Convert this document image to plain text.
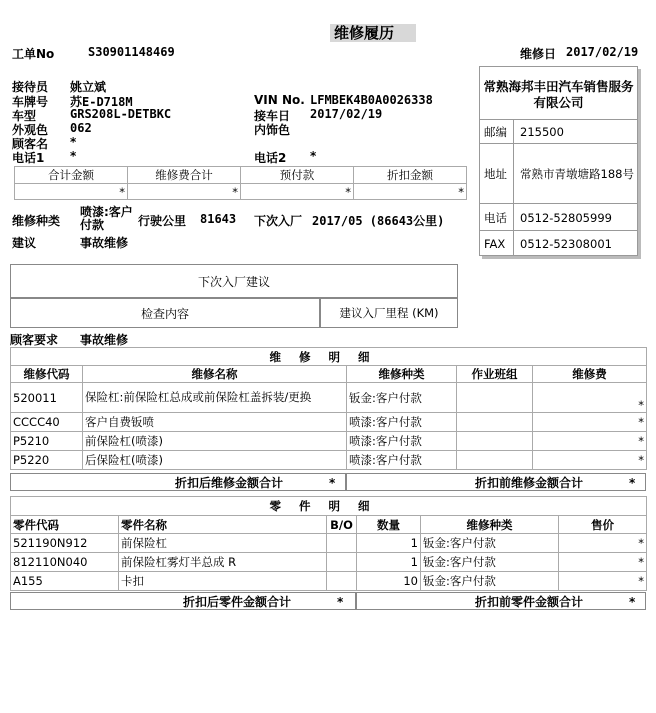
维修履历
工单No	S30901148469	维修日 2017/02/19
接待员 姚立斌
车牌号 苏E-D718M	VIN No. LFMBEK4B0A0026338
车型	GRS208L-DETBKC	接车日 2017/02/19
外观色 062	内饰色
顾客名 *
电话1 *	电话2 *
合计金额	维修费合计	预付款	折扣金额
*	*	*	*
维修种类
喷漆:客户付款	行驶公里 81643 下次入厂 2017/05 (86643公里)
建议	事故维修
常熟海邦丰田汽车销售服务有限公司
邮编	215500
地址	常熟市青墩塘路188号
电话	0512-52805999
FAX	0512-52308001
下次入厂建议
检查内容	建议入厂里程 (KM)
顾客要求 事故维修
维修明细				
维修代码	维修名称	维修种类	作业班组	维修费
520011	保险杠:前保险杠总成或前保险杠盖拆装/更换	钣金:客户付款		*
CCCC40	客户自费钣喷	喷漆:客户付款		*
P5210	前保险杠(喷漆)	喷漆:客户付款		*
P5220	后保险杠(喷漆)	喷漆:客户付款		*
折扣后维修金额合计	*	折扣前维修金额合计	*
零件明细					
零件代码	零件名称	B/O	数量	维修种类	售价
521190N912	前保险杠		1	钣金:客户付款	*
812110N040	前保险杠雾灯半总成 R		1	钣金:客户付款	*
A155	卡扣		10	钣金:客户付款	*
折扣后零件金额合计	*	折扣前零件金额合计	*
